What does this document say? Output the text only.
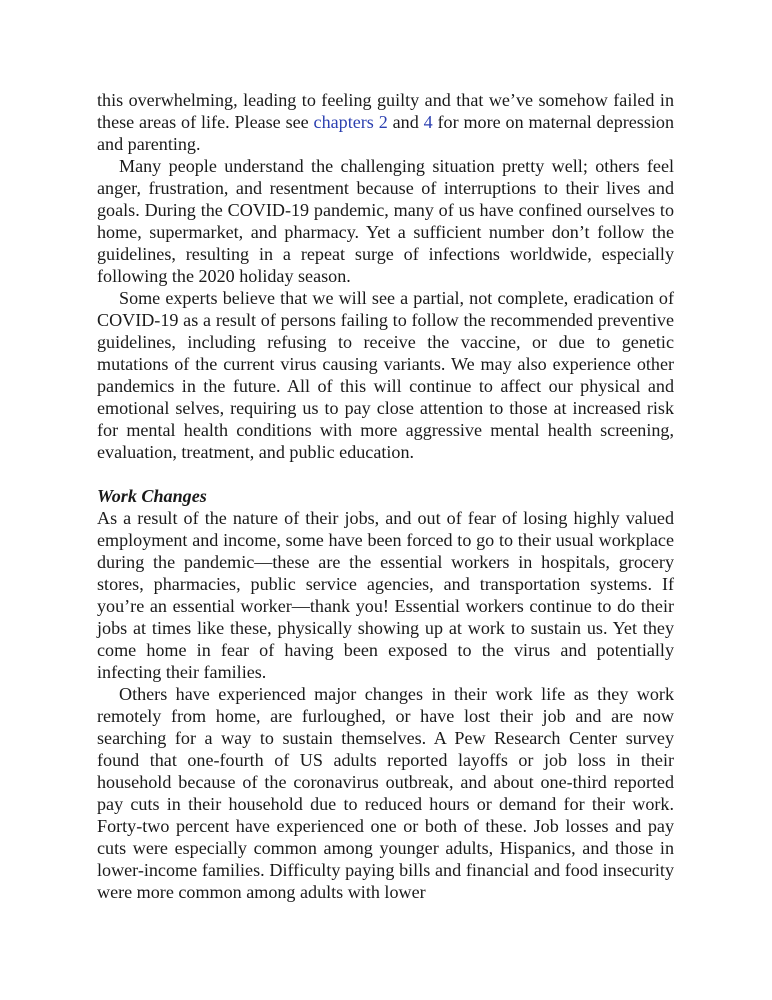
this overwhelming, leading to feeling guilty and that we’ve somehow failed in these areas of life. Please see chapters 2 and 4 for more on maternal depression and parenting.

Many people understand the challenging situation pretty well; others feel anger, frustration, and resentment because of interruptions to their lives and goals. During the COVID-19 pandemic, many of us have confined ourselves to home, supermarket, and pharmacy. Yet a sufficient number don’t follow the guidelines, resulting in a repeat surge of infections worldwide, especially following the 2020 holiday season.

Some experts believe that we will see a partial, not complete, eradication of COVID-19 as a result of persons failing to follow the recommended preventive guidelines, including refusing to receive the vaccine, or due to genetic mutations of the current virus causing variants. We may also experience other pandemics in the future. All of this will continue to affect our physical and emotional selves, requiring us to pay close attention to those at increased risk for mental health conditions with more aggressive mental health screening, evaluation, treatment, and public education.

Work Changes

As a result of the nature of their jobs, and out of fear of losing highly valued employment and income, some have been forced to go to their usual workplace during the pandemic—these are the essential workers in hospitals, grocery stores, pharmacies, public service agencies, and transportation systems. If you’re an essential worker—thank you! Essential workers continue to do their jobs at times like these, physically showing up at work to sustain us. Yet they come home in fear of having been exposed to the virus and potentially infecting their families.

Others have experienced major changes in their work life as they work remotely from home, are furloughed, or have lost their job and are now searching for a way to sustain themselves. A Pew Research Center survey found that one-fourth of US adults reported layoffs or job loss in their household because of the coronavirus outbreak, and about one-third reported pay cuts in their household due to reduced hours or demand for their work. Forty-two percent have experienced one or both of these. Job losses and pay cuts were especially common among younger adults, Hispanics, and those in lower-income families. Difficulty paying bills and financial and food insecurity were more common among adults with lower
